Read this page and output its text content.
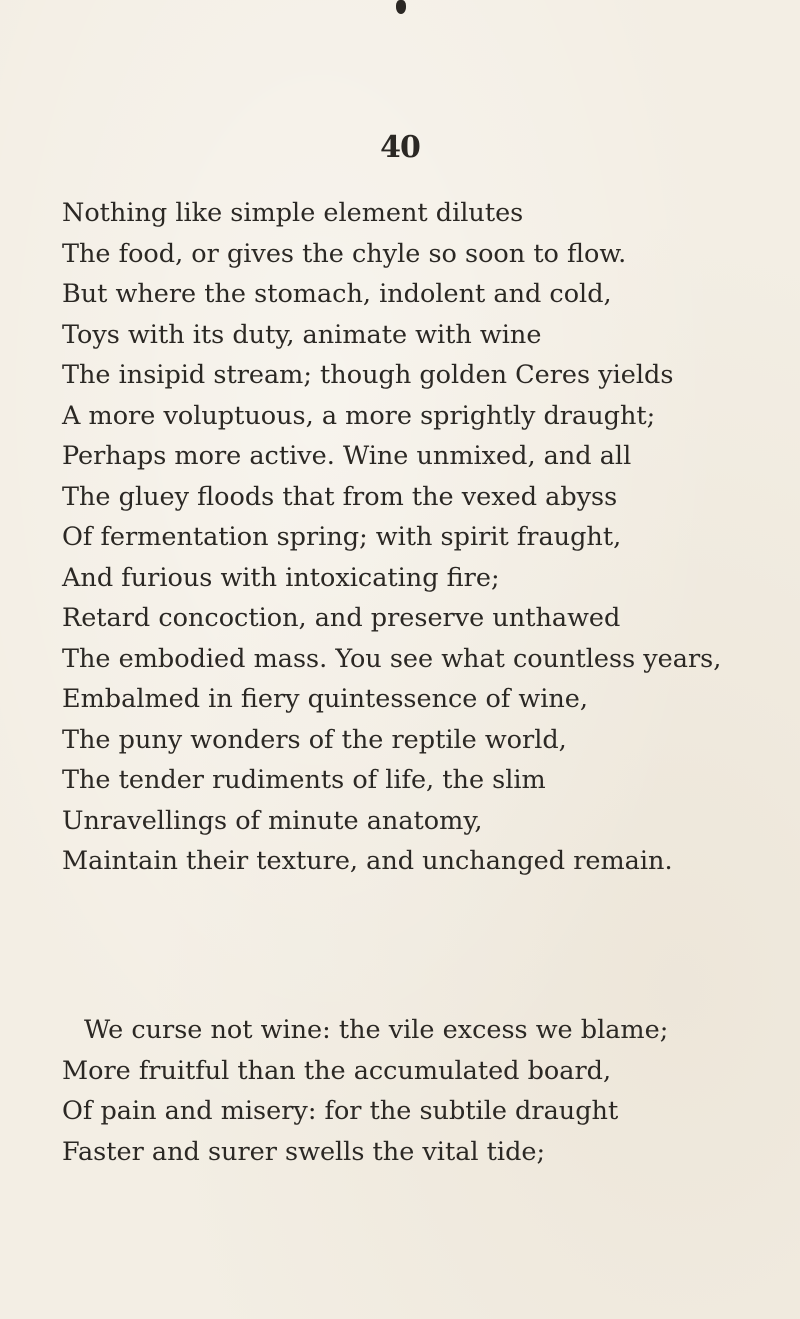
40
Nothing like simple element dilutes
The food, or gives the chyle so soon to flow.
But where the stomach, indolent and cold,
Toys with its duty, animate with wine
The insipid stream; though golden Ceres yields
A more voluptuous, a more sprightly draught;
Perhaps more active. Wine unmixed, and all
The gluey floods that from the vexed abyss
Of fermentation spring; with spirit fraught,
And furious with intoxicating fire;
Retard concoction, and preserve unthawed
The embodied mass. You see what countless years,
Embalmed in fiery quintessence of wine,
The puny wonders of the reptile world,
The tender rudiments of life, the slim
Unravellings of minute anatomy,
Maintain their texture, and unchanged remain.
We curse not wine: the vile excess we blame;
More fruitful than the accumulated board,
Of pain and misery: for the subtile draught
Faster and surer swells the vital tide;
